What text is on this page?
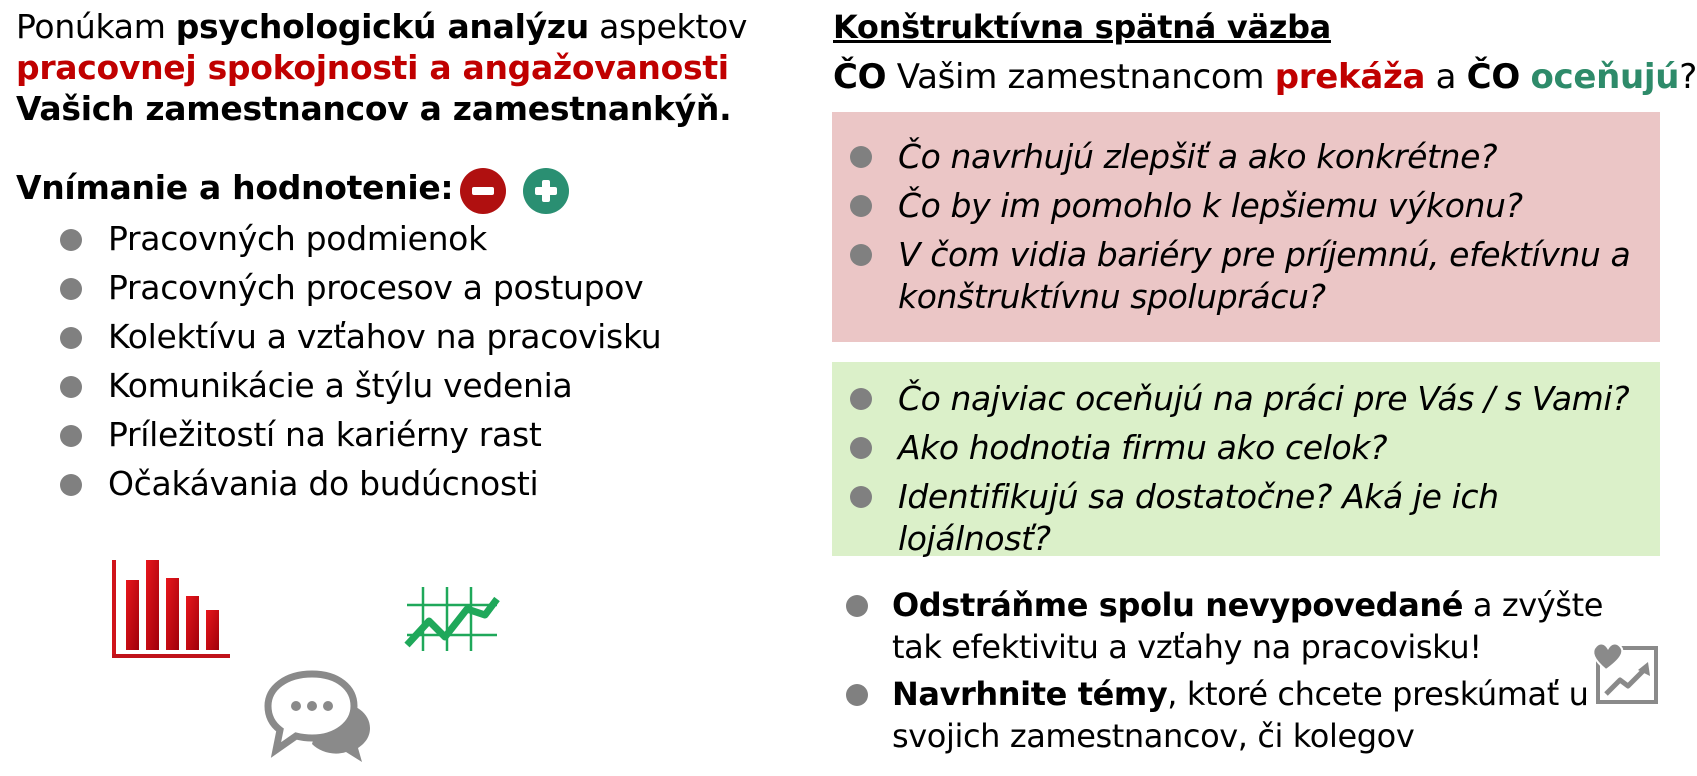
Ponúkam psychologickú analýzu aspektov
pracovnej spokojnosti a angažovanosti
Vašich zamestnancov a zamestnankýň.
Vnímanie a hodnotenie:
Pracovných podmienok
Pracovných procesov a postupov
Kolektívu a vzťahov na pracovisku
Komunikácie a štýlu vedenia
Príležitostí na kariérny rast
Očakávania do budúcnosti
Konštruktívna spätná väzba
ČO Vašim zamestnancom prekáža a ČO oceňujú?
Čo navrhujú zlepšiť a ako konkrétne?
Čo by im pomohlo k lepšiemu výkonu?
V čom vidia bariéry pre príjemnú, efektívnu a konštruktívnu spoluprácu?
Čo najviac oceňujú na práci pre Vás / s Vami?
Ako hodnotia firmu ako celok?
Identifikujú sa dostatočne? Aká je ich lojálnosť?
Odstráňme spolu nevypovedané a zvýšte tak efektivitu a vzťahy na pracovisku!
Navrhnite témy, ktoré chcete preskúmať u svojich zamestnancov, či kolegov
